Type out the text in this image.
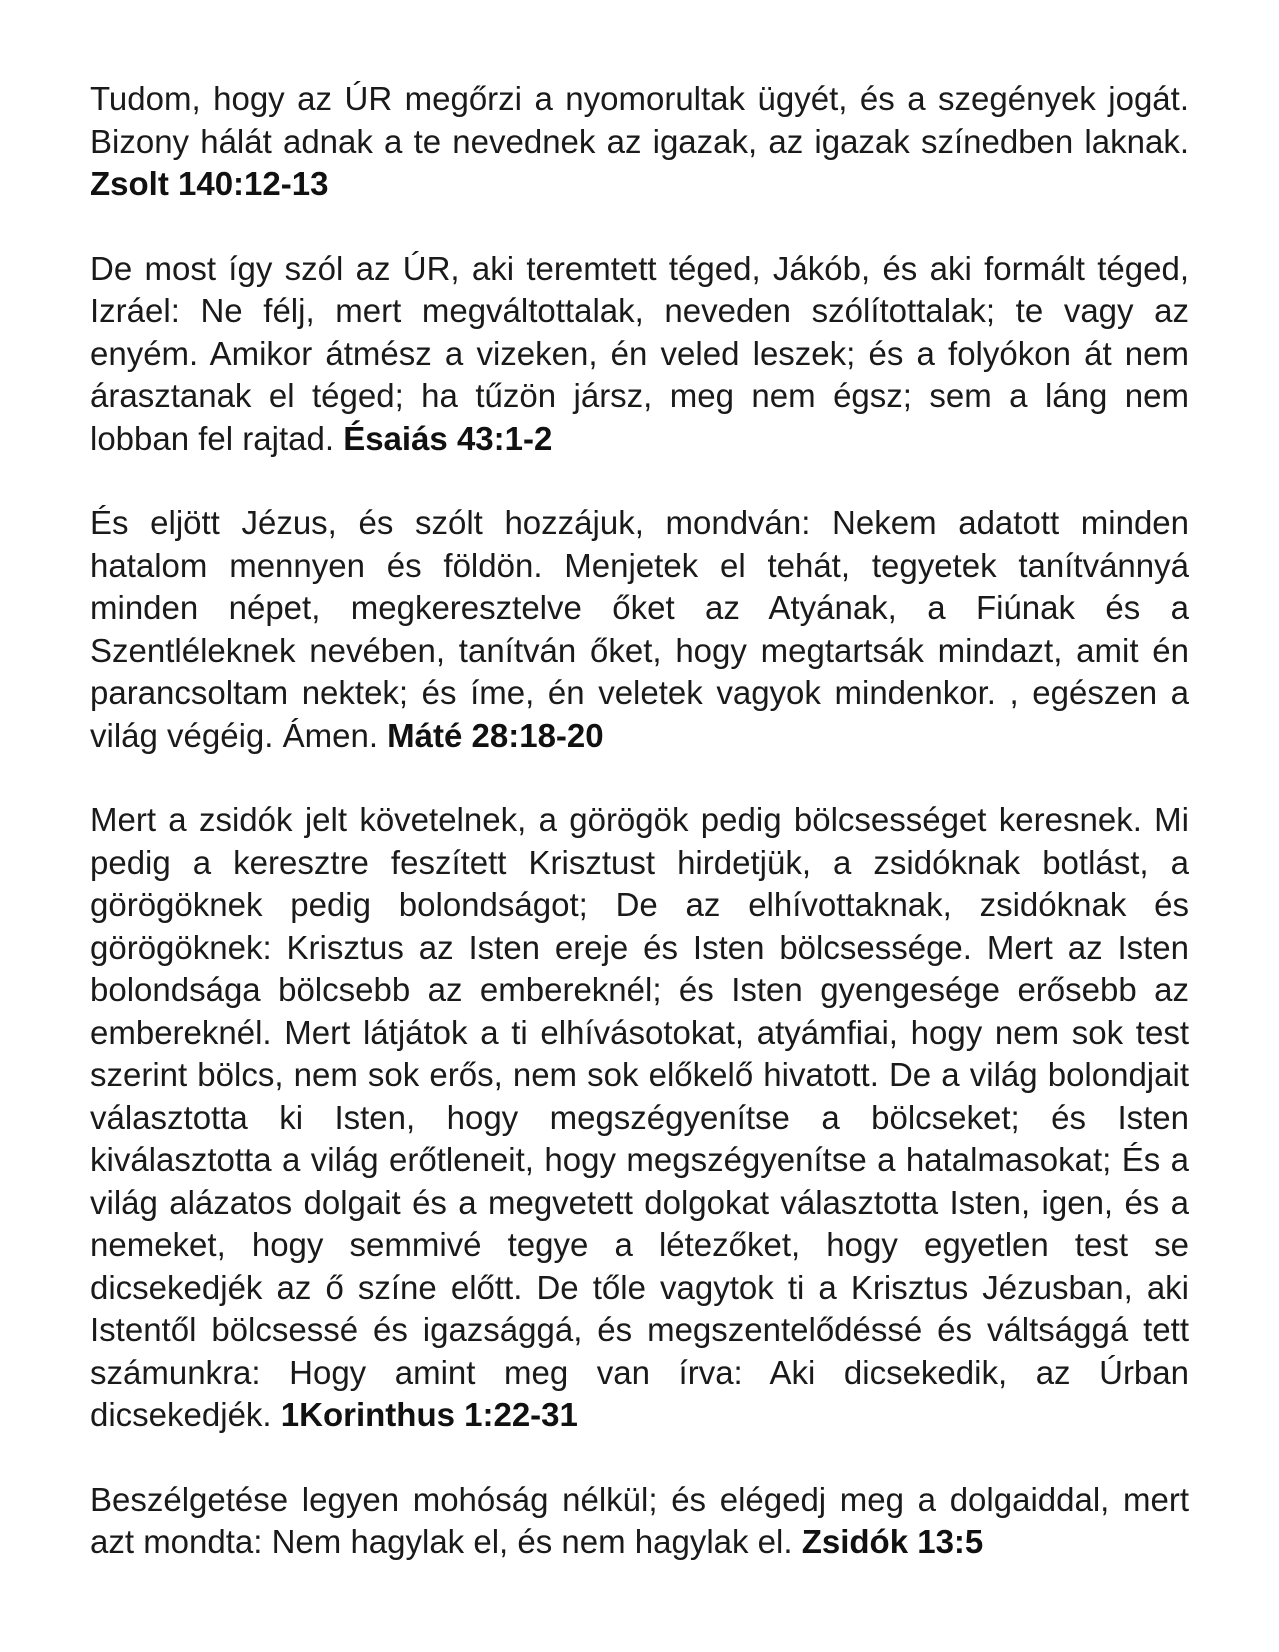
Tudom, hogy az ÚR megőrzi a nyomorultak ügyét, és a szegények jogát. Bizony hálát adnak a te nevednek az igazak, az igazak színedben laknak. Zsolt 140:12-13

De most így szól az ÚR, aki teremtett téged, Jákób, és aki formált téged, Izráel: Ne félj, mert megváltottalak, neveden szólítottalak; te vagy az enyém. Amikor átmész a vizeken, én veled leszek; és a folyókon át nem árasztanak el téged; ha tűzön jársz, meg nem égsz; sem a láng nem lobban fel rajtad. Ésaiás 43:1-2

És eljött Jézus, és szólt hozzájuk, mondván: Nekem adatott minden hatalom mennyen és földön. Menjetek el tehát, tegyetek tanítvánnyá minden népet, megkeresztelve őket az Atyának, a Fiúnak és a Szentléleknek nevében, tanítván őket, hogy megtartsák mindazt, amit én parancsoltam nektek; és íme, én veletek vagyok mindenkor. , egészen a világ végéig. Ámen. Máté 28:18-20

Mert a zsidók jelt követelnek, a görögök pedig bölcsességet keresnek. Mi pedig a keresztre feszített Krisztust hirdetjük, a zsidóknak botlást, a görögöknek pedig bolondságot; De az elhívottaknak, zsidóknak és görögöknek: Krisztus az Isten ereje és Isten bölcsessége. Mert az Isten bolondsága bölcsebb az embereknél; és Isten gyengesége erősebb az embereknél. Mert látjátok a ti elhívásotokat, atyámfiai, hogy nem sok test szerint bölcs, nem sok erős, nem sok előkelő hivatott. De a világ bolondjait választotta ki Isten, hogy megszégyenítse a bölcseket; és Isten kiválasztotta a világ erőtleneit, hogy megszégyenítse a hatalmasokat; És a világ alázatos dolgait és a megvetett dolgokat választotta Isten, igen, és a nemeket, hogy semmivé tegye a létezőket, hogy egyetlen test se dicsekedjék az ő színe előtt. De tőle vagytok ti a Krisztus Jézusban, aki Istentől bölcsessé és igazsággá, és megszentelődéssé és váltsággá tett számunkra: Hogy amint meg van írva: Aki dicsekedik, az Úrban dicsekedjék. 1Korinthus 1:22-31

Beszélgetése legyen mohóság nélkül; és elégedj meg a dolgaiddal, mert azt mondta: Nem hagylak el, és nem hagylak el. Zsidók 13:5
